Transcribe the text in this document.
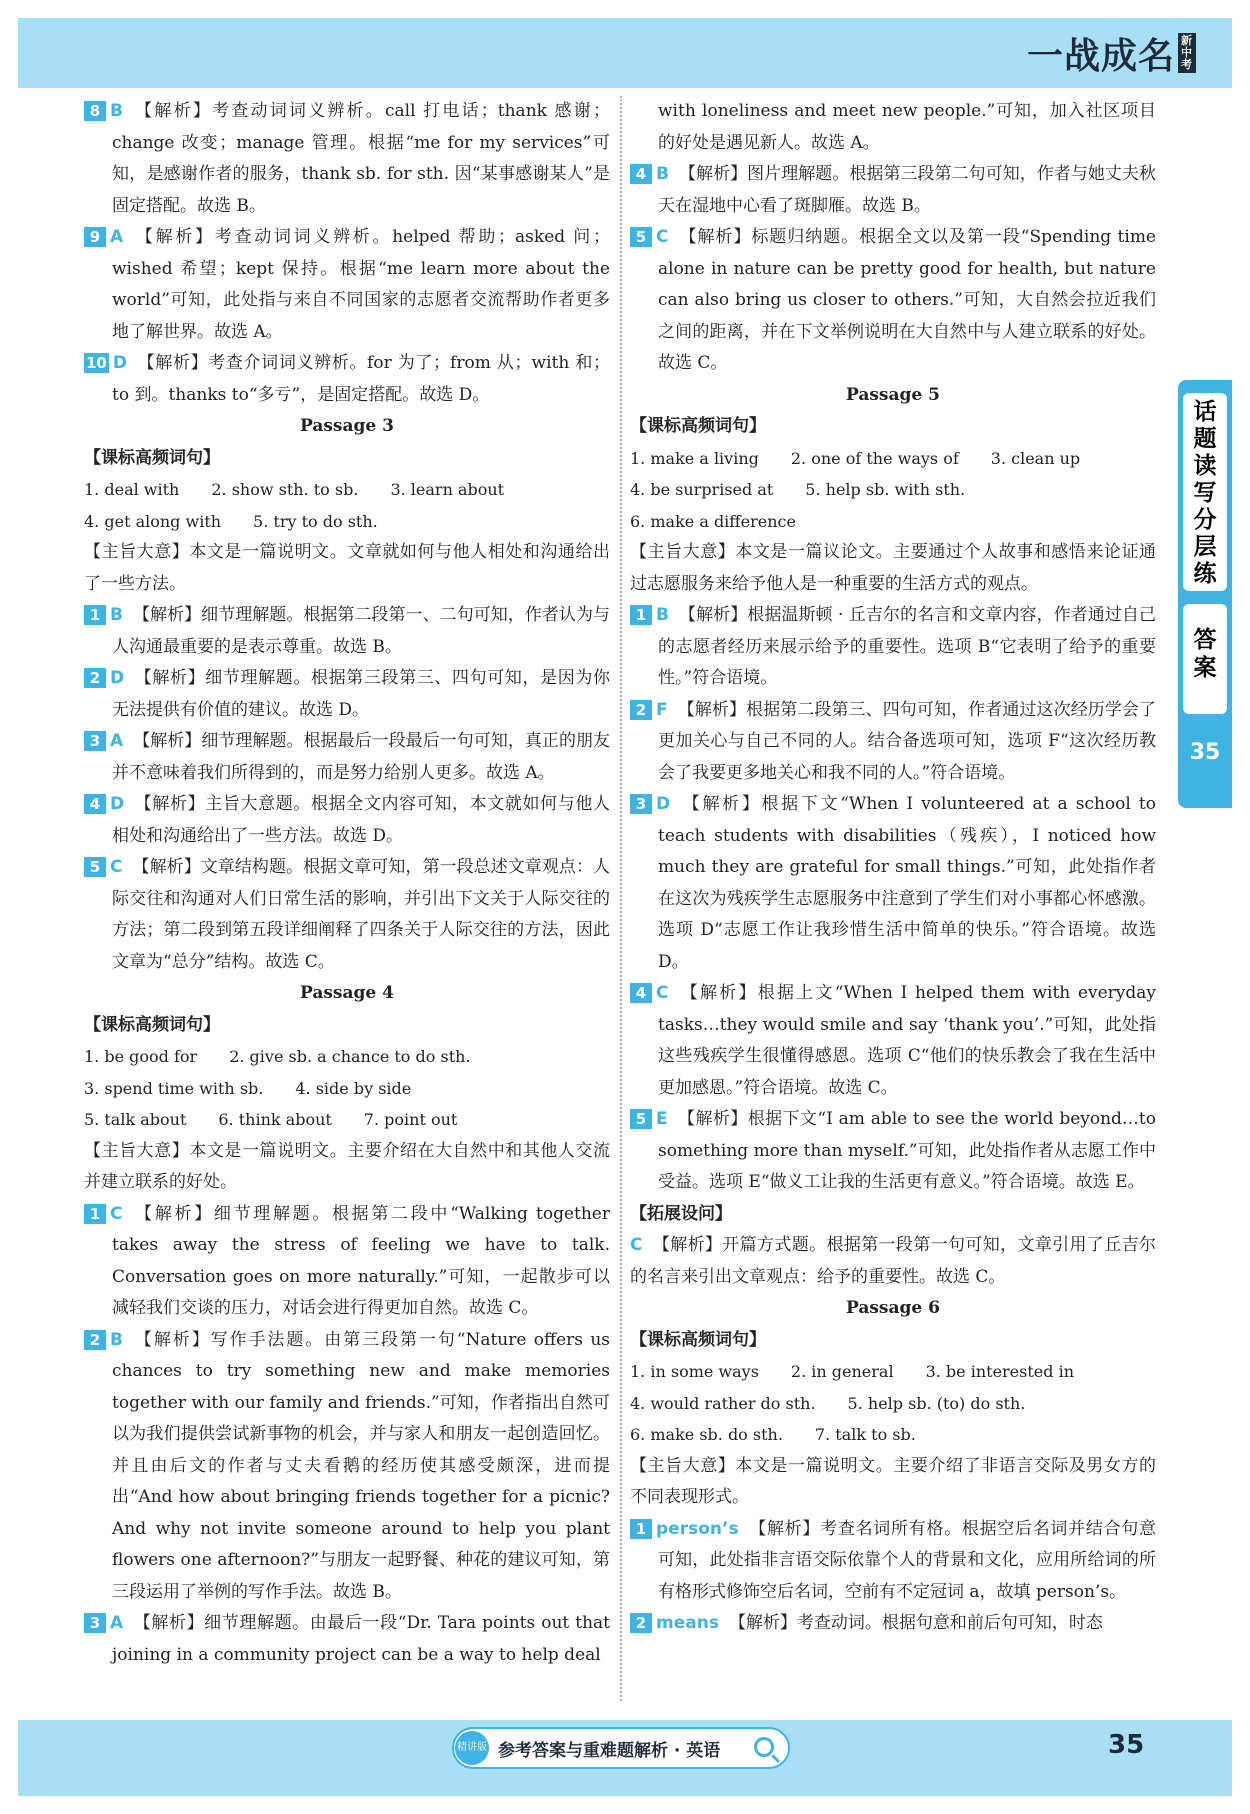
一战成名 新中考

8 B 【解析】考查动词词义辨析。call 打电话；thank 感谢；change 改变；manage 管理。根据“me for my services”可知，是感谢作者的服务，thank sb. for sth. 因“某事感谢某人”是固定搭配。故选 B。

9 A 【解析】考查动词词义辨析。helped 帮助；asked 问；wished 希望；kept 保持。根据“me learn more about the world”可知，此处指与来自不同国家的志愿者交流帮助作者更多地了解世界。故选 A。

10 D 【解析】考查介词词义辨析。for 为了；from 从；with 和；to 到。thanks to“多亏”，是固定搭配。故选 D。

Passage 3

【课标高频词句】

1. deal with　　2. show sth. to sb.　　3. learn about

4. get along with　　5. try to do sth.

【主旨大意】本文是一篇说明文。文章就如何与他人相处和沟通给出了一些方法。

1 B 【解析】细节理解题。根据第二段第一、二句可知，作者认为与人沟通最重要的是表示尊重。故选 B。

2 D 【解析】细节理解题。根据第三段第三、四句可知，是因为你无法提供有价值的建议。故选 D。

3 A 【解析】细节理解题。根据最后一段最后一句可知，真正的朋友并不意味着我们所得到的，而是努力给别人更多。故选 A。

4 D 【解析】主旨大意题。根据全文内容可知，本文就如何与他人相处和沟通给出了一些方法。故选 D。

5 C 【解析】文章结构题。根据文章可知，第一段总述文章观点：人际交往和沟通对人们日常生活的影响，并引出下文关于人际交往的方法；第二段到第五段详细阐释了四条关于人际交往的方法，因此文章为“总分”结构。故选 C。

Passage 4

【课标高频词句】

1. be good for　　2. give sb. a chance to do sth.

3. spend time with sb.　　4. side by side

5. talk about　　6. think about　　7. point out

【主旨大意】本文是一篇说明文。主要介绍在大自然中和其他人交流并建立联系的好处。

1 C 【解析】细节理解题。根据第二段中“Walking together takes away the stress of feeling we have to talk. Conversation goes on more naturally.”可知，一起散步可以减轻我们交谈的压力，对话会进行得更加自然。故选 C。

2 B 【解析】写作手法题。由第三段第一句“Nature offers us chances to try something new and make memories together with our family and friends.”可知，作者指出自然可以为我们提供尝试新事物的机会，并与家人和朋友一起创造回忆。并且由后文的作者与丈夫看鹅的经历使其感受颇深，进而提出“And how about bringing friends together for a picnic? And why not invite someone around to help you plant flowers one afternoon?”与朋友一起野餐、种花的建议可知，第三段运用了举例的写作手法。故选 B。

3 A 【解析】细节理解题。由最后一段“Dr. Tara points out that joining in a community project can be a way to help deal

with loneliness and meet new people.”可知，加入社区项目的好处是遇见新人。故选 A。

4 B 【解析】图片理解题。根据第三段第二句可知，作者与她丈夫秋天在湿地中心看了斑脚雁。故选 B。

5 C 【解析】标题归纳题。根据全文以及第一段“Spending time alone in nature can be pretty good for health, but nature can also bring us closer to others.”可知，大自然会拉近我们之间的距离，并在下文举例说明在大自然中与人建立联系的好处。故选 C。

Passage 5

【课标高频词句】

1. make a living　　2. one of the ways of　　3. clean up

4. be surprised at　　5. help sb. with sth.

6. make a difference

【主旨大意】本文是一篇议论文。主要通过个人故事和感悟来论证通过志愿服务来给予他人是一种重要的生活方式的观点。

1 B 【解析】根据温斯顿 · 丘吉尔的名言和文章内容，作者通过自己的志愿者经历来展示给予的重要性。选项 B“它表明了给予的重要性。”符合语境。

2 F 【解析】根据第二段第三、四句可知，作者通过这次经历学会了更加关心与自己不同的人。结合备选项可知，选项 F“这次经历教会了我要更多地关心和我不同的人。”符合语境。

3 D 【解析】根据下文“When I volunteered at a school to teach students with disabilities（残疾），I noticed how much they are grateful for small things.”可知，此处指作者在这次为残疾学生志愿服务中注意到了学生们对小事都心怀感激。选项 D“志愿工作让我珍惜生活中简单的快乐。”符合语境。故选 D。

4 C 【解析】根据上文“When I helped them with everyday tasks…they would smile and say ‘thank you’.”可知，此处指这些残疾学生很懂得感恩。选项 C“他们的快乐教会了我在生活中更加感恩。”符合语境。故选 C。

5 E 【解析】根据下文“I am able to see the world beyond…to something more than myself.”可知，此处指作者从志愿工作中受益。选项 E“做义工让我的生活更有意义。”符合语境。故选 E。

【拓展设问】

C 【解析】开篇方式题。根据第一段第一句可知，文章引用了丘吉尔的名言来引出文章观点：给予的重要性。故选 C。

Passage 6

【课标高频词句】

1. in some ways　　2. in general　　3. be interested in

4. would rather do sth.　　5. help sb. (to) do sth.

6. make sb. do sth.　　7. talk to sb.

【主旨大意】本文是一篇说明文。主要介绍了非语言交际及男女方的不同表现形式。

1 person’s 【解析】考查名词所有格。根据空后名词并结合句意可知，此处指非言语交际依靠个人的背景和文化，应用所给词的所有格形式修饰空后名词，空前有不定冠词 a，故填 person’s。

2 means 【解析】考查动词。根据句意和前后句可知，时态

话
题
读
写
分
层
练
答
案
35
参考答案与重难题解析 · 英语
精讲版	35
